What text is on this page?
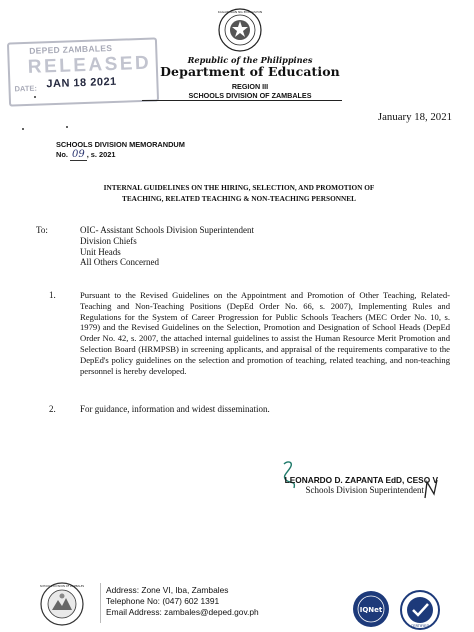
DEPED ZAMBALES
RELEASED
DATE: JAN 18 2021
KAGAWARAN NG EDUKASYON
Republic of the Philippines
Department of Education
REGION III
SCHOOLS DIVISION OF ZAMBALES
January 18, 2021
SCHOOLS DIVISION MEMORANDUM
No. 09 , s. 2021
INTERNAL GUIDELINES ON THE HIRING, SELECTION, AND PROMOTION OF
TEACHING, RELATED TEACHING & NON-TEACHING PERSONNEL
To:	OIC- Assistant Schools Division Superintendent
Division Chiefs
Unit Heads
All Others Concerned
1.	Pursuant to the Revised Guidelines on the Appointment and Promotion of Other Teaching, Related-Teaching and Non-Teaching Positions (DepEd Order No. 66, s. 2007), Implementing Rules and Regulations for the System of Career Progression for Public Schools Teachers (MEC Order No. 10, s. 1979) and the Revised Guidelines on the Selection, Promotion and Designation of School Heads (DepEd Order No. 42, s. 2007, the attached internal guidelines to assist the Human Resource Merit Promotion and Selection Board (HRMPSB) in screening applicants, and appraisal of the requirements comparative to the DepEd's policy guidelines on the selection and promotion of teaching, related teaching, and non-teaching personnel is hereby developed.
2.	For guidance, information and widest dissemination.
LEONARDO D. ZAPANTA EdD, CESO V
Schools Division Superintendent
SCHOOLS DIVISION OF ZAMBALES	Address: Zone VI, Iba, Zambales
Telephone No: (047) 602 1391
Email Address: zambales@deped.gov.ph	IQNet
CERTIFIED
